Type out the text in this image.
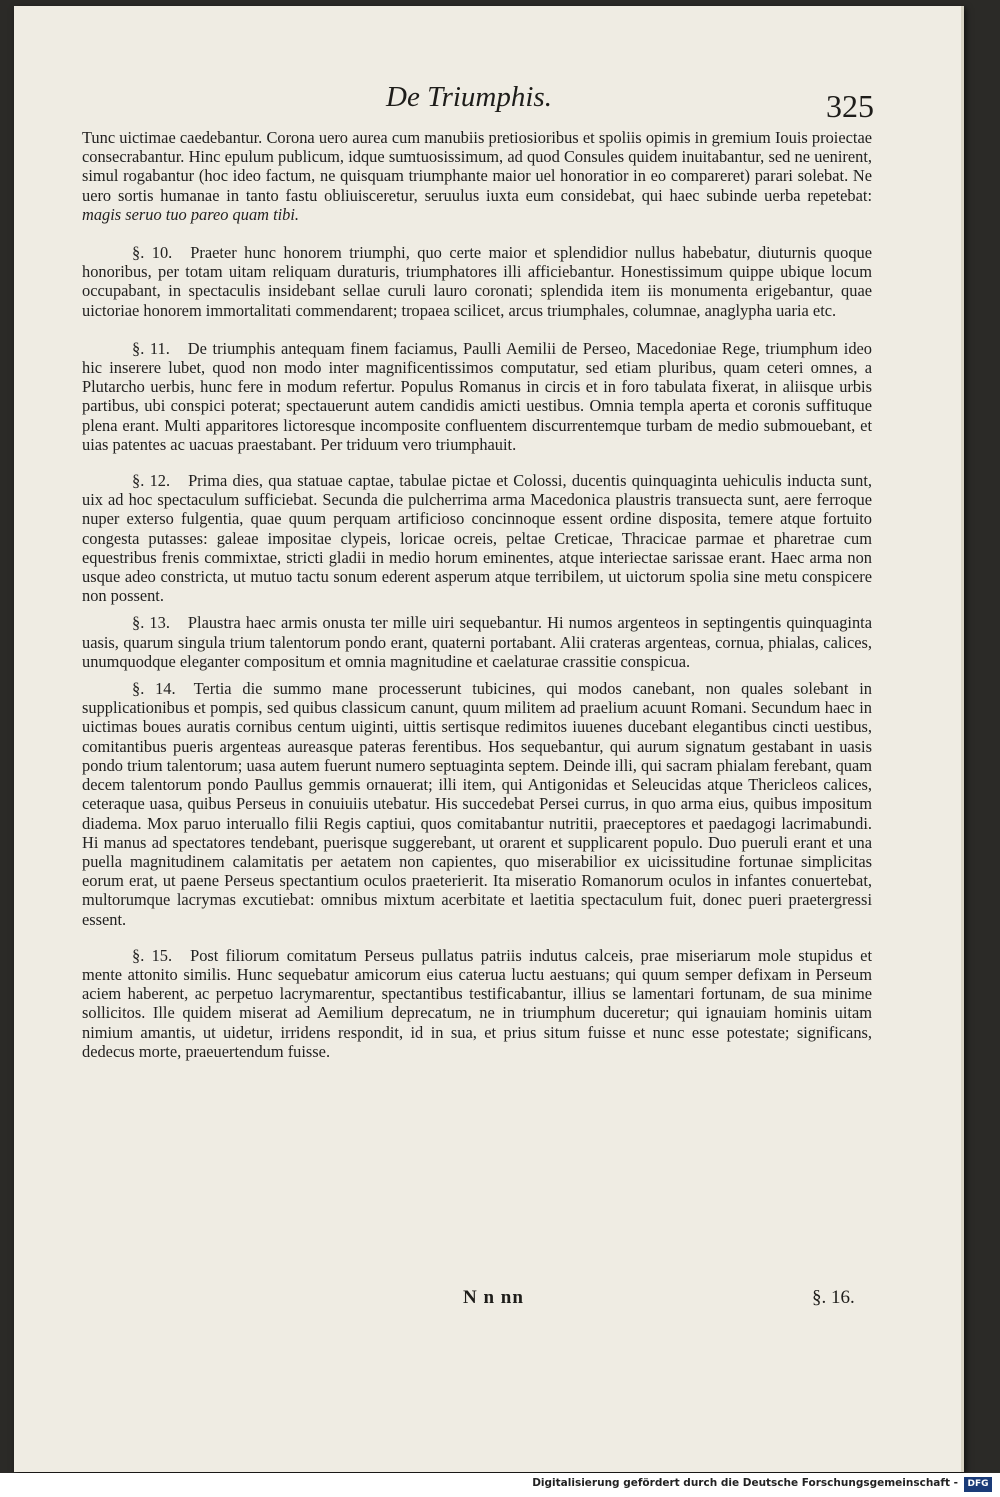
De Triumphis.	325

Tunc uictimae caedebantur. Corona uero aurea cum manubiis pretiosioribus et spoliis opimis in gremium Iouis proiectae consecrabantur. Hinc epulum publicum, idque sumtuosissimum, ad quod Consules quidem inuitabantur, sed ne uenirent, simul rogabantur (hoc ideo factum, ne quisquam triumphante maior uel honoratior in eo compareret) parari solebat. Ne uero sortis humanae in tanto fastu obliuisceretur, seruulus iuxta eum considebat, qui haec subinde uerba repetebat: magis seruo tuo pareo quam tibi.

§. 10. Praeter hunc honorem triumphi, quo certe maior et splendidior nullus habebatur, diuturnis quoque honoribus, per totam uitam reliquam duraturis, triumphatores illi afficiebantur. Honestissimum quippe ubique locum occupabant, in spectaculis insidebant sellae curuli lauro coronati; splendida item iis monumenta erigebantur, quae uictoriae honorem immortalitati commendarent; tropaea scilicet, arcus triumphales, columnae, anaglypha uaria etc.

§. 11. De triumphis antequam finem faciamus, Paulli Aemilii de Perseo, Macedoniae Rege, triumphum ideo hic inserere lubet, quod non modo inter magnificentissimos computatur, sed etiam pluribus, quam ceteri omnes, a Plutarcho uerbis, hunc fere in modum refertur. Populus Romanus in circis et in foro tabulata fixerat, in aliisque urbis partibus, ubi conspici poterat; spectauerunt autem candidis amicti uestibus. Omnia templa aperta et coronis suffituque plena erant. Multi apparitores lictoresque incomposite confluentem discurrentemque turbam de medio submouebant, et uias patentes ac uacuas praestabant. Per triduum vero triumphauit.

§. 12. Prima dies, qua statuae captae, tabulae pictae et Colossi, ducentis quinquaginta uehiculis inducta sunt, uix ad hoc spectaculum sufficiebat. Secunda die pulcherrima arma Macedonica plaustris transuecta sunt, aere ferroque nuper exterso fulgentia, quae quum perquam artificioso concinnoque essent ordine disposita, temere atque fortuito congesta putasses: galeae impositae clypeis, loricae ocreis, peltae Creticae, Thracicae parmae et pharetrae cum equestribus frenis commixtae, stricti gladii in medio horum eminentes, atque interiectae sarissae erant. Haec arma non usque adeo constricta, ut mutuo tactu sonum ederent asperum atque terribilem, ut uictorum spolia sine metu conspicere non possent.

§. 13. Plaustra haec armis onusta ter mille uiri sequebantur. Hi numos argenteos in septingentis quinquaginta uasis, quarum singula trium talentorum pondo erant, quaterni portabant. Alii crateras argenteas, cornua, phialas, calices, unumquodque eleganter compositum et omnia magnitudine et caelaturae crassitie conspicua.

§. 14. Tertia die summo mane processerunt tubicines, qui modos canebant, non quales solebant in supplicationibus et pompis, sed quibus classicum canunt, quum militem ad praelium acuunt Romani. Secundum haec in uictimas boues auratis cornibus centum uiginti, uittis sertisque redimitos iuuenes ducebant elegantibus cincti uestibus, comitantibus pueris argenteas aureasque pateras ferentibus. Hos sequebantur, qui aurum signatum gestabant in uasis pondo trium talentorum; uasa autem fuerunt numero septuaginta septem. Deinde illi, qui sacram phialam ferebant, quam decem talentorum pondo Paullus gemmis ornauerat; illi item, qui Antigonidas et Seleucidas atque Thericleos calices, ceteraque uasa, quibus Perseus in conuiuiis utebatur. His succedebat Persei currus, in quo arma eius, quibus impositum diadema. Mox paruo interuallo filii Regis captiui, quos comitabantur nutritii, praeceptores et paedagogi lacrimabundi. Hi manus ad spectatores tendebant, puerisque suggerebant, ut orarent et supplicarent populo. Duo pueruli erant et una puella magnitudinem calamitatis per aetatem non capientes, quo miserabilior ex uicissitudine fortunae simplicitas eorum erat, ut paene Perseus spectantium oculos praeterierit. Ita miseratio Romanorum oculos in infantes conuertebat, multorumque lacrymas excutiebat: omnibus mixtum acerbitate et laetitia spectaculum fuit, donec pueri praetergressi essent.

§. 15. Post filiorum comitatum Perseus pullatus patriis indutus calceis, prae miseriarum mole stupidus et mente attonito similis. Hunc sequebatur amicorum eius caterua luctu aestuans; qui quum semper defixam in Perseum aciem haberent, ac perpetuo lacrymarentur, spectantibus testificabantur, illius se lamentari fortunam, de sua minime sollicitos. Ille quidem miserat ad Aemilium deprecatum, ne in triumphum duceretur; qui ignauiam hominis uitam nimium amantis, ut uidetur, irridens respondit, id in sua, et prius situm fuisse et nunc esse potestate; significans, dedecus morte, praeuertendum fuisse.

N n nn	§. 16.
Digitalisierung gefördert durch die Deutsche Forschungsgemeinschaft -	DFG
